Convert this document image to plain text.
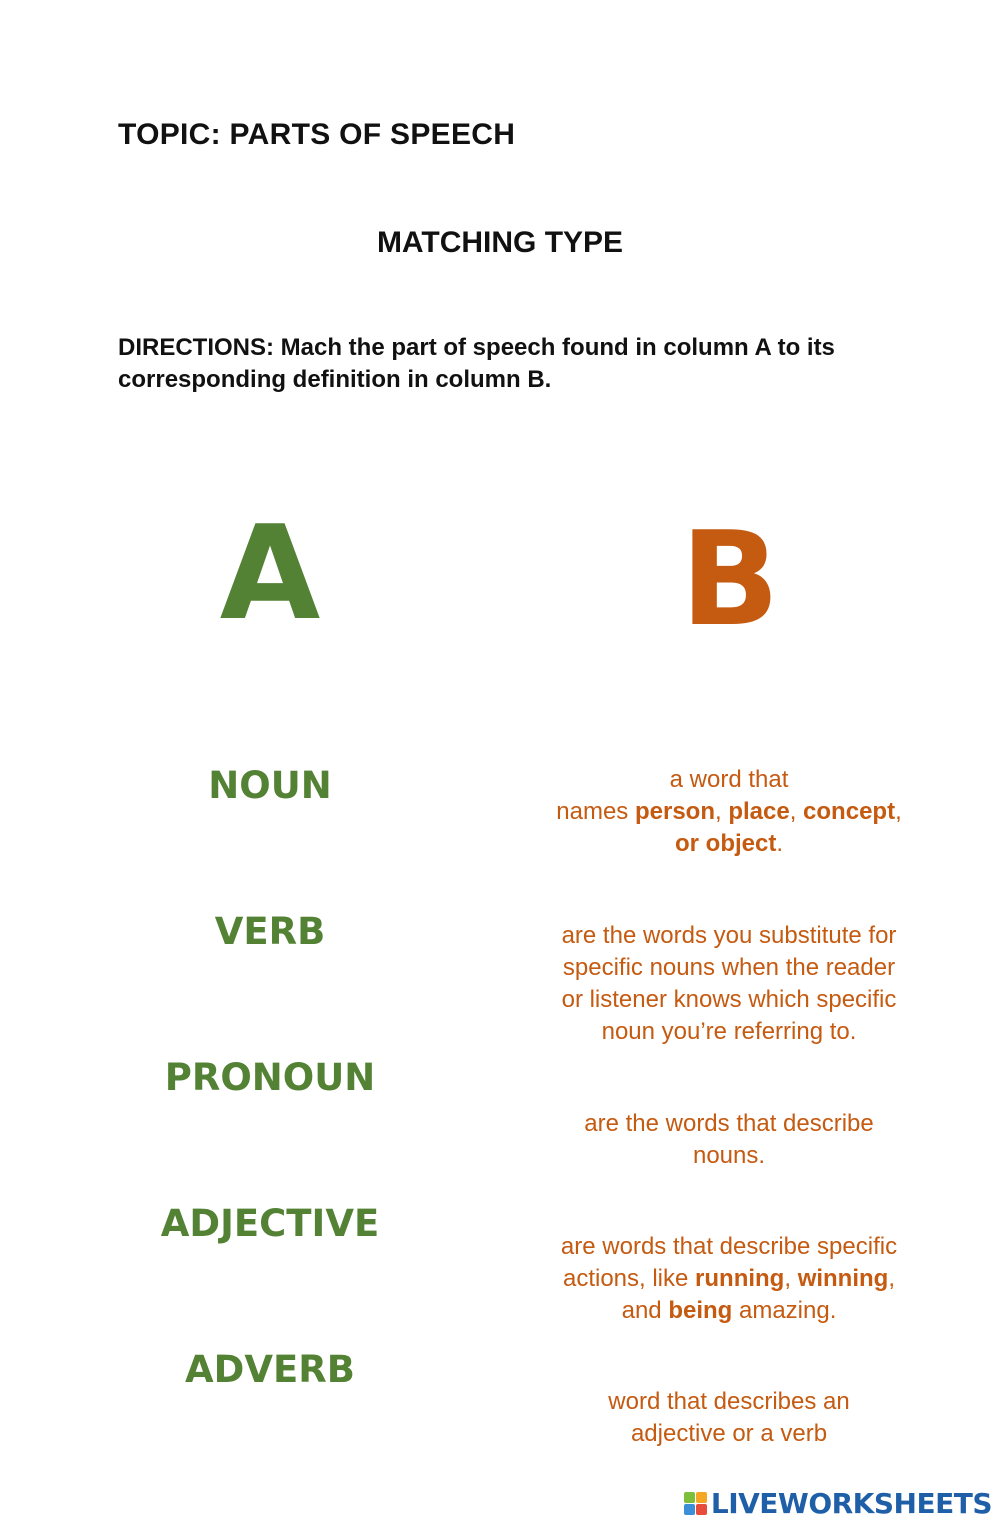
TOPIC: PARTS OF SPEECH
MATCHING TYPE

DIRECTIONS: Mach the part of speech found in column A to its corresponding definition in column B.

A	B

NOUN

VERB

PRONOUN

ADJECTIVE

ADVERB

a word that
names person, place, concept,
or object.

are the words you substitute for
specific nouns when the reader
or listener knows which specific
noun you’re referring to.

are the words that describe
nouns.

are words that describe specific
actions, like running, winning,
and being amazing.

word that describes an
adjective or a verb

LIVEWORKSHEETS
